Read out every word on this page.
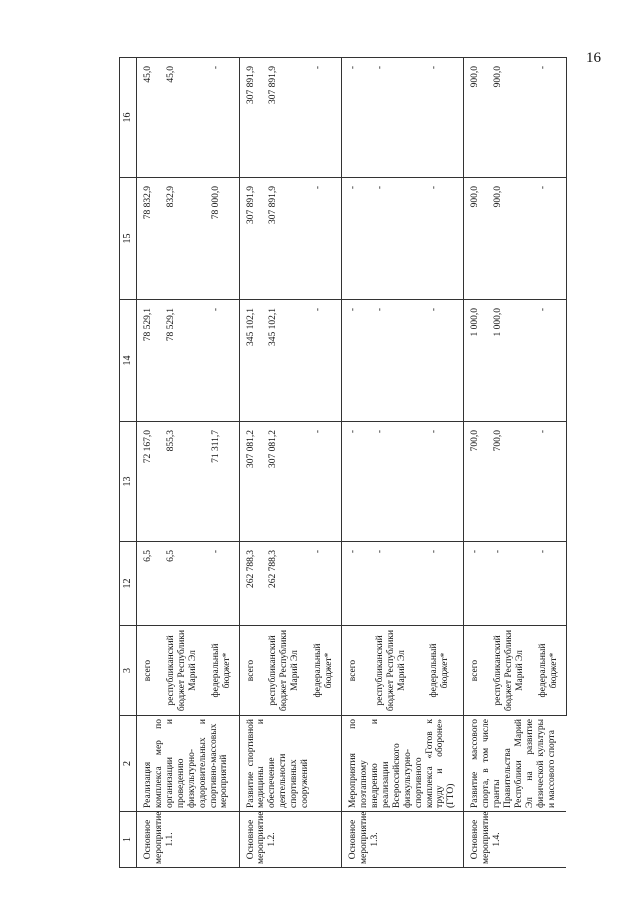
16
1	2	3	12	13	14	15	16
Основное мероприятие 1.1.	Реализация комплекса мер по организации и проведению физкультурно-оздоровительных и спортивно-массовых мероприятий	всего	6,5	72 167,0	78 529,1	78 832,9	45,0
		республиканский бюджет Республики Марий Эл	6,5	855,3	78 529,1	832,9	45,0
		федеральный бюджет*	-	71 311,7	-	78 000,0	-
Основное мероприятие 1.2.	Развитие спортивной медицины и обеспечение деятельности спортивных сооружений	всего	262 788,3	307 081,2	345 102,1	307 891,9	307 891,9
		республиканский бюджет Республики Марий Эл	262 788,3	307 081,2	345 102,1	307 891,9	307 891,9
		федеральный бюджет*	-	-	-	-	-
Основное мероприятие 1.3.	Мероприятия по поэтапному внедрению и реализации Всероссийского физкультурно-спортивного комплекса «Готов к труду и обороне» (ГТО)	всего	-	-	-	-	-
		республиканский бюджет Республики Марий Эл	-	-	-	-	-
		федеральный бюджет*	-	-	-	-	-
Основное мероприятие 1.4.	Развитие массового спорта, в том числе гранты Правительства Республики Марий Эл на развитие физической культуры и массового спорта	всего	-	700,0	1 000,0	900,0	900,0
		республиканский бюджет Республики Марий Эл	-	700,0	1 000,0	900,0	900,0
		федеральный бюджет*	-	-	-	-	-
